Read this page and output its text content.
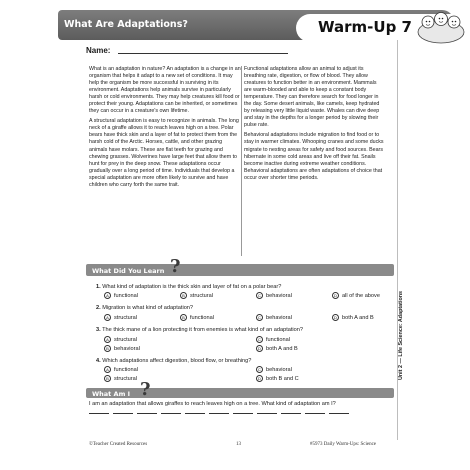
What Are Adaptations?	Warm-Up 7
Name:

What is an adaptation in nature? An adaptation is a change in an organism that helps it adapt to a new set of conditions. It may help the organism be more successful in surviving in its environment. Adaptations help animals survive in particularly harsh or cold environments. They may help creatures kill food or protect their young. Adaptations can be inherited, or sometimes they can occur in a creature's own lifetime.

A structural adaptation is easy to recognize in animals. The long neck of a giraffe allows it to reach leaves high on a tree. Polar bears have thick skin and a layer of fat to protect them from the harsh cold of the Arctic. Horses, cattle, and other grazing animals have molars. These are flat teeth for grazing and chewing grasses. Wolverines have large feet that allow them to hunt for prey in the deep snow. These adaptations occur gradually over a long period of time. Individuals that develop a special adaptation are more often likely to survive and have children who carry forth the same trait.

Functional adaptations allow an animal to adjust its breathing rate, digestion, or flow of blood. They allow creatures to function better in an environment. Mammals are warm-blooded and able to keep a constant body temperature. They can therefore search for food longer in the day. Some desert animals, like camels, keep hydrated by releasing very little liquid waste. Whales can dive deep and stay in the depths for a longer period by slowing their pulse rate.

Behavioral adaptations include migration to find food or to stay in warmer climates. Whooping cranes and some ducks migrate to nesting areas for safety and food sources. Bears hibernate in some cold areas and live off their fat. Snails become inactive during extreme weather conditions. Behavioral adaptations are often adaptations of choice that occur over shorter time periods.

What Did You Learn ?
1. What kind of adaptation is the thick skin and layer of fat on a polar bear?
A functional	B structural	C behavioral	D all of the above
2. Migration is what kind of adaptation?
A structural	B functional	C behavioral	D both A and B
3. The thick mane of a lion protecting it from enemies is what kind of an adaptation?
A structural	C functional
B behavioral	D both A and B
4. Which adaptations affect digestion, blood flow, or breathing?
A functional	C behavioral
B structural	D both B and C
What Am I ?
I am an adaptation that allows giraffes to reach leaves high on a tree. What kind of adaptation am I?
Unit 2 — Life Science: Adaptations
©Teacher Created Resources	13	#5973 Daily Warm-Ups: Science
